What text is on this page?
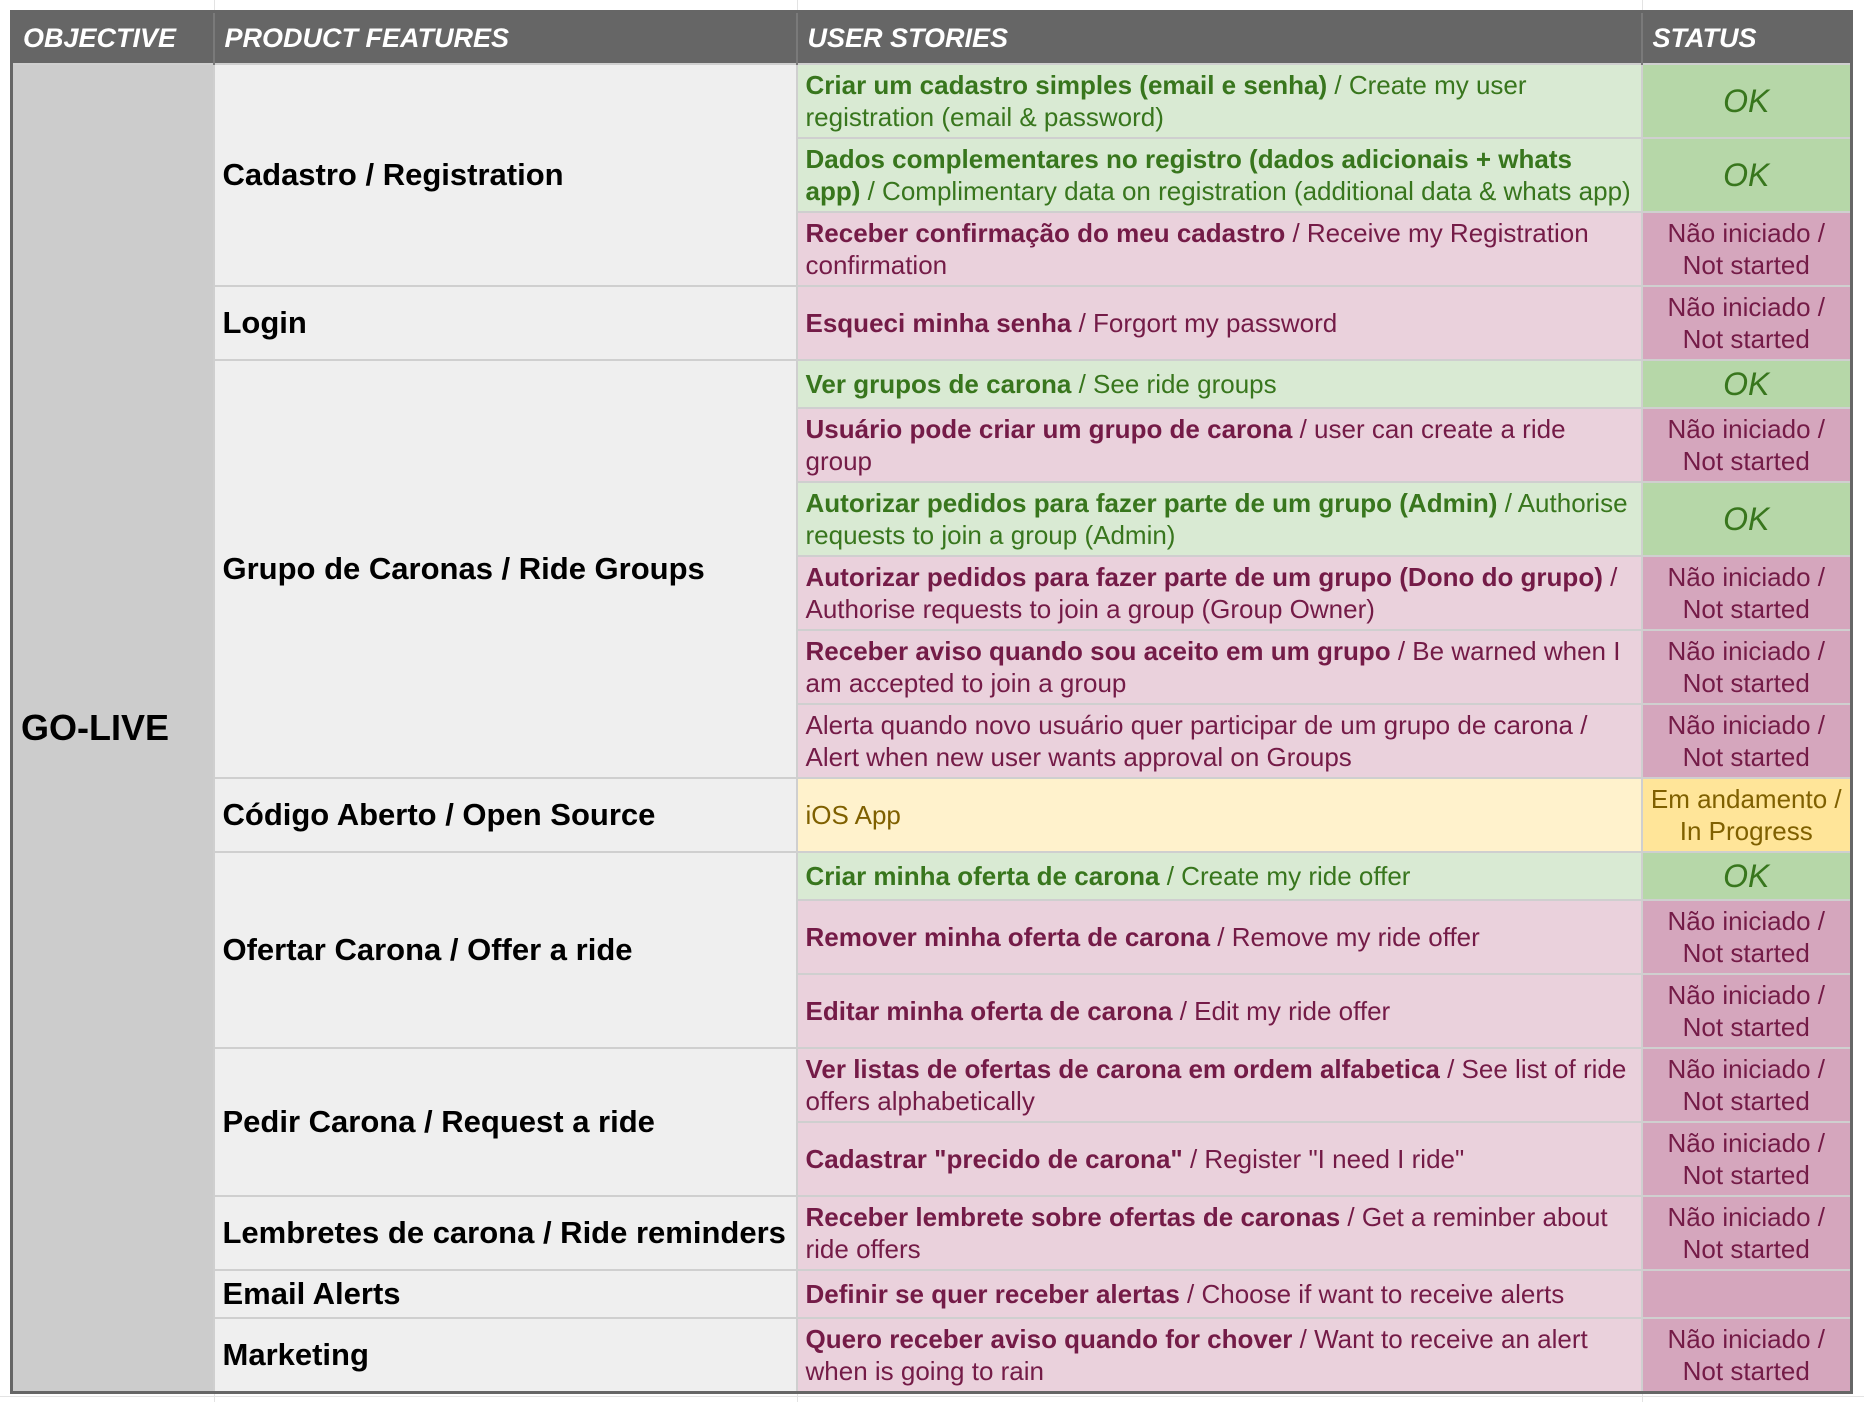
OBJECTIVE	PRODUCT FEATURES	USER STORIES	STATUS
GO-LIVE	Cadastro / Registration	Criar um cadastro simples (email e senha) / Create my user registration (email & password)	OK
		Dados complementares no registro (dados adicionais + whats app) / Complimentary data on registration (additional data & whats app)	OK
		Receber confirmação do meu cadastro / Receive my Registration confirmation	Não iniciado / Not started
	Login	Esqueci minha senha / Forgort my password	Não iniciado / Not started
	Grupo de Caronas / Ride Groups	Ver grupos de carona / See ride groups	OK
		Usuário pode criar um grupo de carona / user can create a ride group	Não iniciado / Not started
		Autorizar pedidos para fazer parte de um grupo (Admin) / Authorise requests to join a group (Admin)	OK
		Autorizar pedidos para fazer parte de um grupo (Dono do grupo) / Authorise requests to join a group (Group Owner)	Não iniciado / Not started
		Receber aviso quando sou aceito em um grupo / Be warned when I am accepted to join a group	Não iniciado / Not started
		Alerta quando novo usuário quer participar de um grupo de carona / Alert when new user wants approval on Groups	Não iniciado / Not started
	Código Aberto / Open Source	iOS App	Em andamento / In Progress
	Ofertar Carona / Offer a ride	Criar minha oferta de carona / Create my ride offer	OK
		Remover minha oferta de carona / Remove my ride offer	Não iniciado / Not started
		Editar minha oferta de carona / Edit my ride offer	Não iniciado / Not started
	Pedir Carona / Request a ride	Ver listas de ofertas de carona em ordem alfabetica / See list of ride offers alphabetically	Não iniciado / Not started
		Cadastrar "precido de carona" / Register "I need I ride"	Não iniciado / Not started
	Lembretes de carona / Ride reminders	Receber lembrete sobre ofertas de caronas / Get a reminber about ride offers	Não iniciado / Not started
	Email Alerts	Definir se quer receber alertas / Choose if want to receive alerts	
	Marketing	Quero receber aviso quando for chover / Want to receive an alert when is going to rain	Não iniciado / Not started
